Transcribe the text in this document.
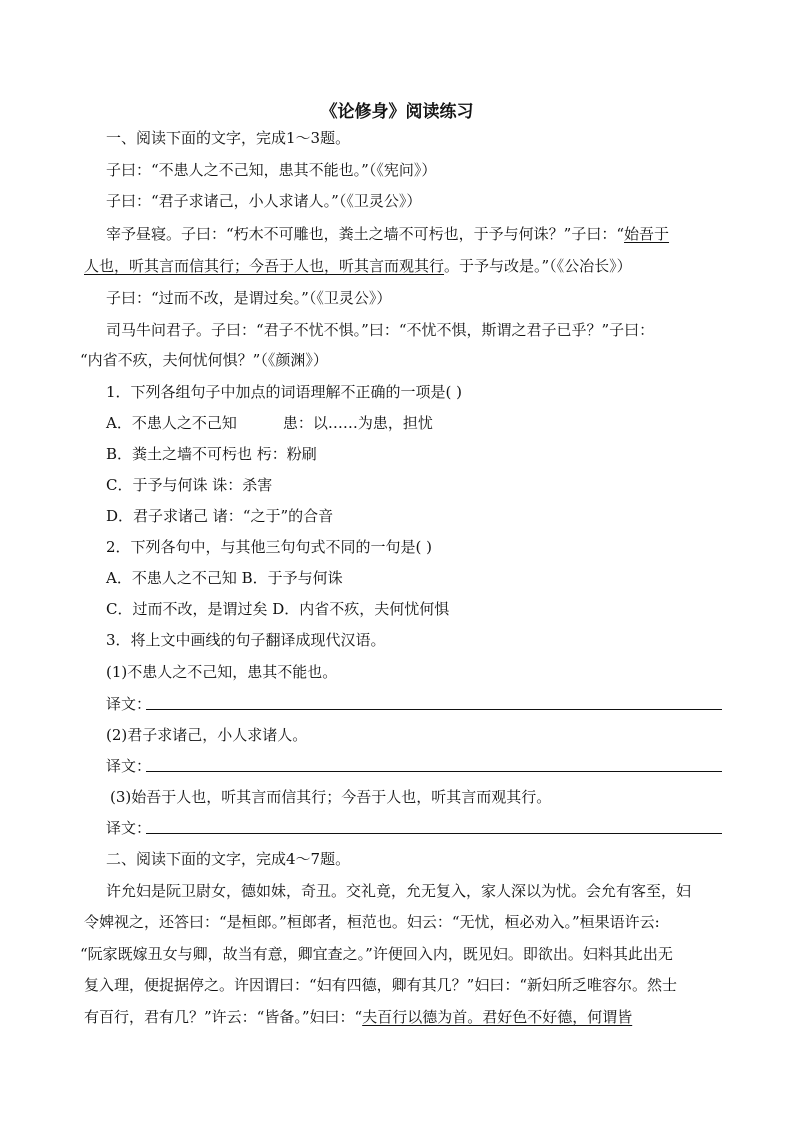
《论修身》阅读练习
一、阅读下面的文字，完成1～3题。
子曰：“不患人之不己知，患其不能也。”（《宪问》）
子曰：“君子求诸己，小人求诸人。”（《卫灵公》）
宰予昼寝。子曰：“朽木不可雕也，粪土之墙不可杇也，于予与何诛？”子曰：“始吾于
人也，听其言而信其行；今吾于人也，听其言而观其行。于予与改是。”（《公冶长》）
子曰：“过而不改，是谓过矣。”（《卫灵公》）
司马牛问君子。子曰：“君子不忧不惧。”曰：“不忧不惧，斯谓之君子已乎？”子曰：
“内省不疚，夫何忧何惧？”（《颜渊》）
1．下列各组句子中加点的词语理解不正确的一项是( )
A．不患人之不己知	患：以……为患，担忧
B．粪土之墙不可杇也 杇：粉刷
C．于予与何诛 诛：杀害
D．君子求诸己 诸：“之于”的合音
2．下列各句中，与其他三句句式不同的一句是( )
A．不患人之不己知 B．于予与何诛
C．过而不改，是谓过矣 D．内省不疚，夫何忧何惧
3．将上文中画线的句子翻译成现代汉语。
(1)不患人之不己知，患其不能也。
译文：
(2)君子求诸己，小人求诸人。
译文：
(3)始吾于人也，听其言而信其行；今吾于人也，听其言而观其行。
译文：
二、阅读下面的文字，完成4～7题。
许允妇是阮卫尉女，德如妹，奇丑。交礼竟，允无复入，家人深以为忧。会允有客至，妇
令婢视之，还答曰：“是桓郎。”桓郎者，桓范也。妇云：“无忧，桓必劝入。”桓果语许云:
“阮家既嫁丑女与卿，故当有意，卿宜查之。”许便回入内，既见妇。即欲出。妇料其此出无
复入理，便捉据停之。许因谓曰：“妇有四德，卿有其几？”妇曰：“新妇所乏唯容尔。然士
有百行，君有几？”许云：“皆备。”妇曰：“夫百行以德为首。君好色不好德，何谓皆
